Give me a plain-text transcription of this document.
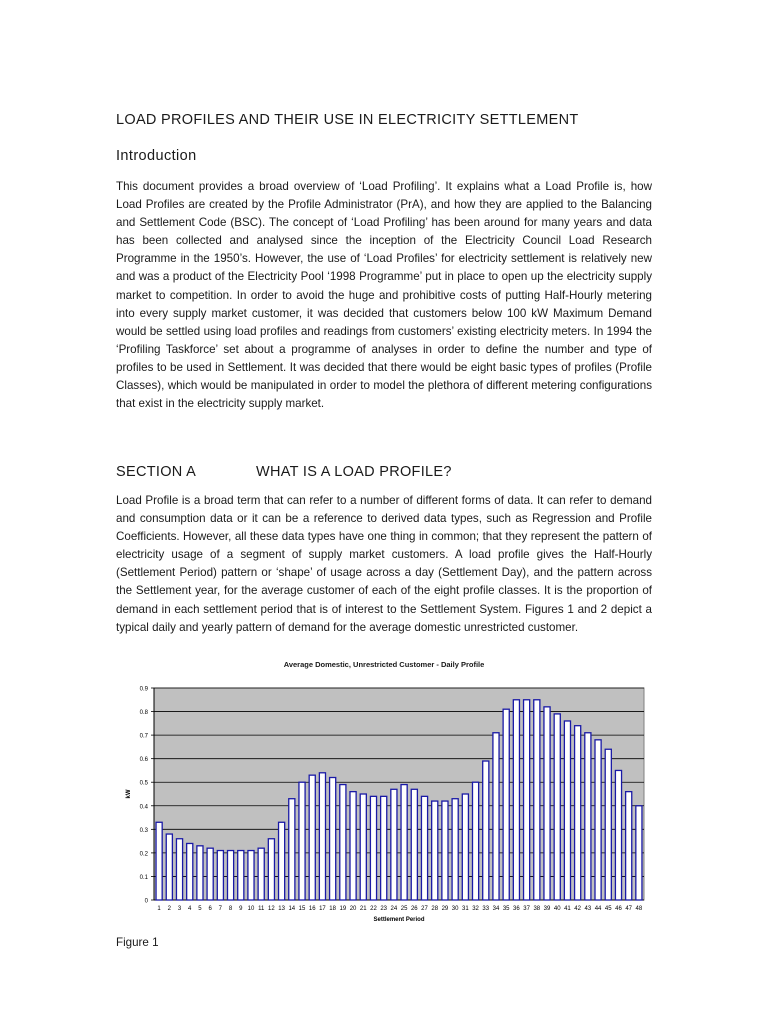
LOAD PROFILES AND THEIR USE IN ELECTRICITY SETTLEMENT
Introduction

This document provides a broad overview of ‘Load Profiling’. It explains what a Load Profile is, how Load Profiles are created by the Profile Administrator (PrA), and how they are applied to the Balancing and Settlement Code (BSC). The concept of ‘Load Profiling’ has been around for many years and data has been collected and analysed since the inception of the Electricity Council Load Research Programme in the 1950’s. However, the use of ‘Load Profiles’ for electricity settlement is relatively new and was a product of the Electricity Pool ‘1998 Programme’ put in place to open up the electricity supply market to competition. In order to avoid the huge and prohibitive costs of putting Half-Hourly metering into every supply market customer, it was decided that customers below 100 kW Maximum Demand would be settled using load profiles and readings from customers’ existing electricity meters. In 1994 the ‘Profiling Taskforce’ set about a programme of analyses in order to define the number and type of profiles to be used in Settlement. It was decided that there would be eight basic types of profiles (Profile Classes), which would be manipulated in order to model the plethora of different metering configurations that exist in the electricity supply market.

SECTION A	WHAT IS A LOAD PROFILE?

Load Profile is a broad term that can refer to a number of different forms of data. It can refer to demand and consumption data or it can be a reference to derived data types, such as Regression and Profile Coefficients. However, all these data types have one thing in common; that they represent the pattern of electricity usage of a segment of supply market customers. A load profile gives the Half-Hourly (Settlement Period) pattern or ‘shape’ of usage across a day (Settlement Day), and the pattern across the Settlement year, for the average customer of each of the eight profile classes. It is the proportion of demand in each settlement period that is of interest to the Settlement System. Figures 1 and 2 depict a typical daily and yearly pattern of demand for the average domestic unrestricted customer.

Average Domestic, Unrestricted Customer - Daily Profile
0
0.1
0.2
0.3
0.4
0.5
0.6
0.7
0.8
0.9
1 2 3 4 5 6 7 8 9 10 11 12 13 14 15 16 17 18 19 20 21 22 23 24 25 26 27 28 29 30 31 32 33 34 35 36 37 38 39 40 41 42 43 44 45 46 47 48
Settlement Period
kW

Figure 1
